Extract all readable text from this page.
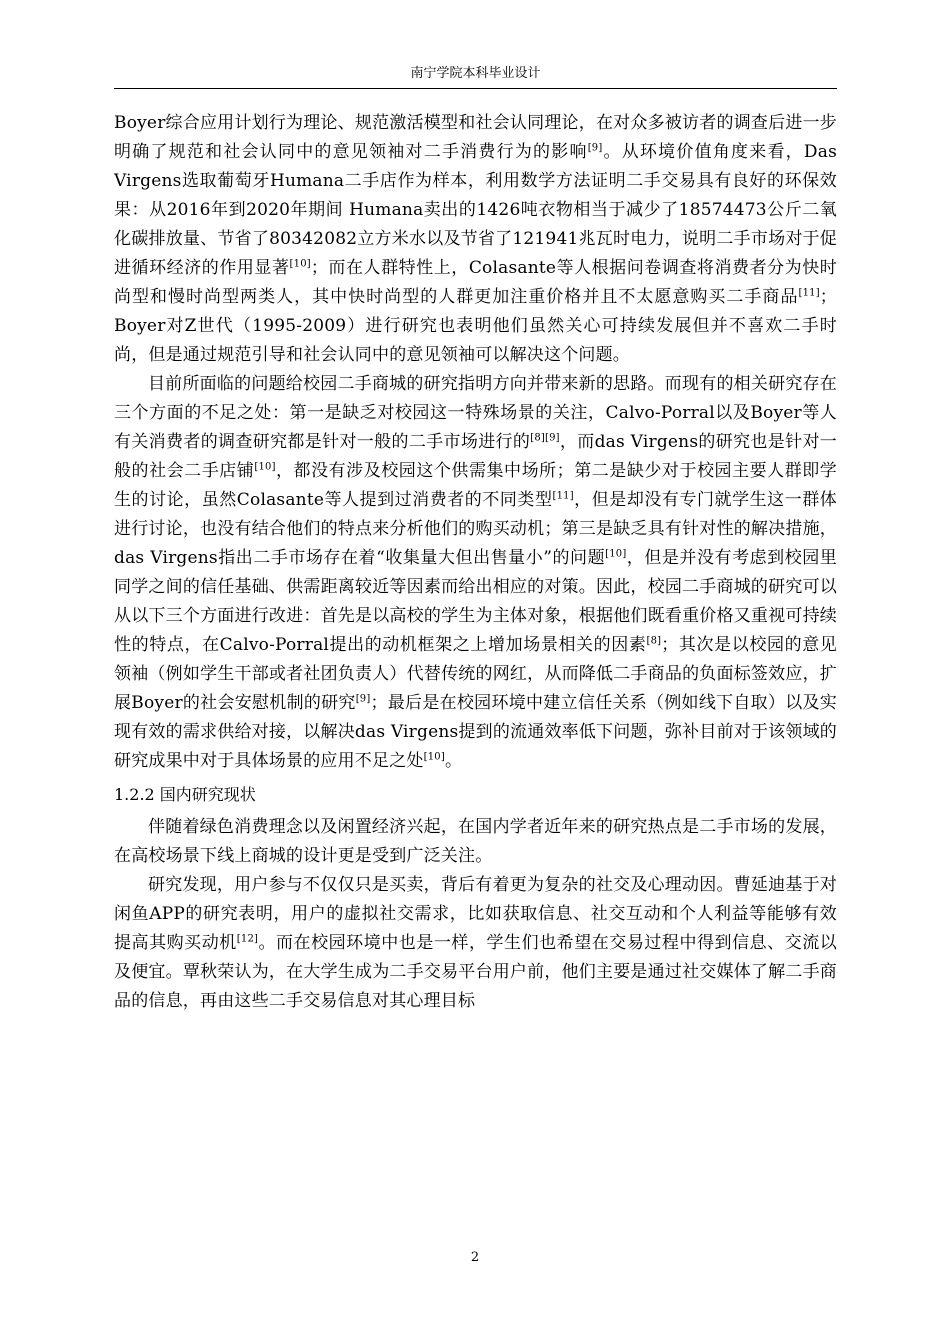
南宁学院本科毕业设计

Boyer综合应用计划行为理论、规范激活模型和社会认同理论，在对众多被访者的调查后进一步明确了规范和社会认同中的意见领袖对二手消费行为的影响[9]。从环境价值角度来看，Das Virgens选取葡萄牙Humana二手店作为样本，利用数学方法证明二手交易具有良好的环保效果：从2016年到2020年期间 Humana卖出的1426吨衣物相当于减少了18574473公斤二氧化碳排放量、节省了80342082立方米水以及节省了121941兆瓦时电力，说明二手市场对于促进循环经济的作用显著[10]；而在人群特性上，Colasante等人根据问卷调查将消费者分为快时尚型和慢时尚型两类人，其中快时尚型的人群更加注重价格并且不太愿意购买二手商品[11]；Boyer对Z世代（1995-2009）进行研究也表明他们虽然关心可持续发展但并不喜欢二手时尚，但是通过规范引导和社会认同中的意见领袖可以解决这个问题。

目前所面临的问题给校园二手商城的研究指明方向并带来新的思路。而现有的相关研究存在三个方面的不足之处：第一是缺乏对校园这一特殊场景的关注，Calvo-Porral以及Boyer等人有关消费者的调查研究都是针对一般的二手市场进行的[8][9]，而das Virgens的研究也是针对一般的社会二手店铺[10]，都没有涉及校园这个供需集中场所；第二是缺少对于校园主要人群即学生的讨论，虽然Colasante等人提到过消费者的不同类型[11]，但是却没有专门就学生这一群体进行讨论，也没有结合他们的特点来分析他们的购买动机；第三是缺乏具有针对性的解决措施，das Virgens指出二手市场存在着“收集量大但出售量小”的问题[10]，但是并没有考虑到校园里同学之间的信任基础、供需距离较近等因素而给出相应的对策。因此，校园二手商城的研究可以从以下三个方面进行改进：首先是以高校的学生为主体对象，根据他们既看重价格又重视可持续性的特点，在Calvo-Porral提出的动机框架之上增加场景相关的因素[8]；其次是以校园的意见领袖（例如学生干部或者社团负责人）代替传统的网红，从而降低二手商品的负面标签效应，扩展Boyer的社会安慰机制的研究[9]；最后是在校园环境中建立信任关系（例如线下自取）以及实现有效的需求供给对接，以解决das Virgens提到的流通效率低下问题，弥补目前对于该领域的研究成果中对于具体场景的应用不足之处[10]。

1.2.2 国内研究现状

伴随着绿色消费理念以及闲置经济兴起，在国内学者近年来的研究热点是二手市场的发展，在高校场景下线上商城的设计更是受到广泛关注。

研究发现，用户参与不仅仅只是买卖，背后有着更为复杂的社交及心理动因。曹延迪基于对闲鱼APP的研究表明，用户的虚拟社交需求，比如获取信息、社交互动和个人利益等能够有效提高其购买动机[12]。而在校园环境中也是一样，学生们也希望在交易过程中得到信息、交流以及便宜。覃秋荣认为，在大学生成为二手交易平台用户前，他们主要是通过社交媒体了解二手商品的信息，再由这些二手交易信息对其心理目标

2
